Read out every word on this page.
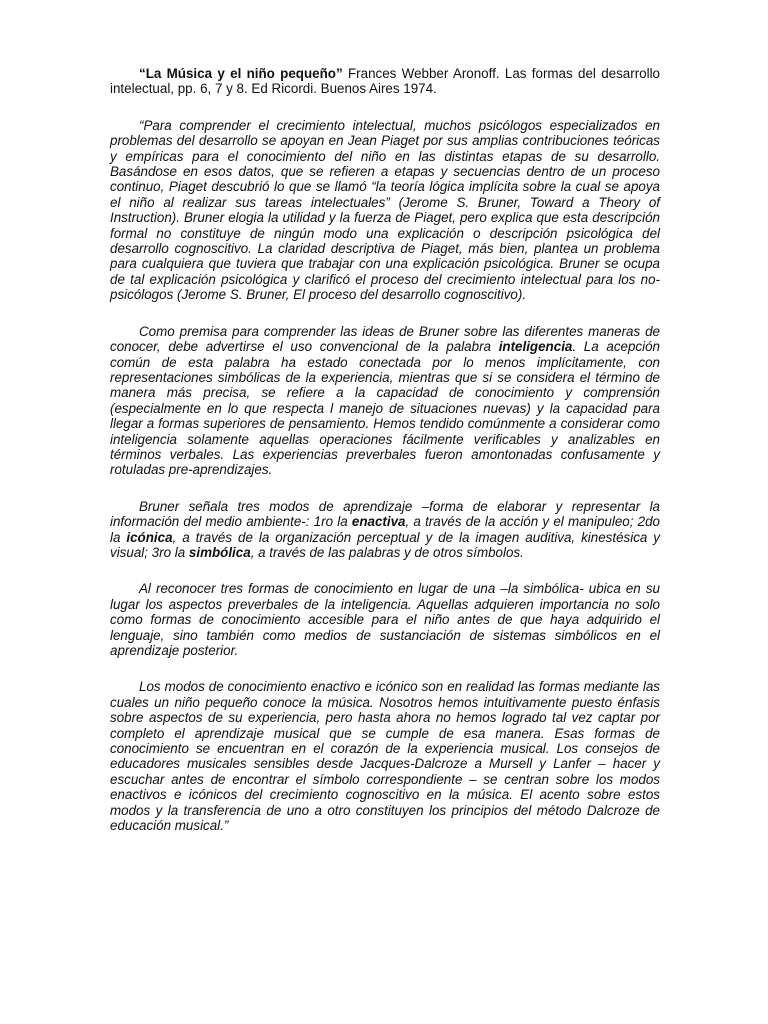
“La Música y el niño pequeño” Frances Webber Aronoff. Las formas del desarrollo intelectual, pp. 6, 7 y 8. Ed Ricordi. Buenos Aires 1974.

“Para comprender el crecimiento intelectual, muchos psicólogos especializados en problemas del desarrollo se apoyan en Jean Piaget por sus amplias contribuciones teóricas y empíricas para el conocimiento del niño en las distintas etapas de su desarrollo. Basándose en esos datos, que se refieren a etapas y secuencias dentro de un proceso continuo, Piaget descubrió lo que se llamó “la teoría lógica implícita sobre la cual se apoya el niño al realizar sus tareas intelectuales” (Jerome S. Bruner, Toward a Theory of Instruction). Bruner elogia la utilidad y la fuerza de Piaget, pero explica que esta descripción formal no constituye de ningún modo una explicación o descripción psicológica del desarrollo cognoscitivo. La claridad descriptiva de Piaget, más bien, plantea un problema para cualquiera que tuviera que trabajar con una explicación psicológica. Bruner se ocupa de tal explicación psicológica y clarificó el proceso del crecimiento intelectual para los no-psicólogos (Jerome S. Bruner, El proceso del desarrollo cognoscitivo).

Como premisa para comprender las ideas de Bruner sobre las diferentes maneras de conocer, debe advertirse el uso convencional de la palabra inteligencia. La acepción común de esta palabra ha estado conectada por lo menos implícitamente, con representaciones simbólicas de la experiencia, mientras que si se considera el término de manera más precisa, se refiere a la capacidad de conocimiento y comprensión (especialmente en lo que respecta l manejo de situaciones nuevas) y la capacidad para llegar a formas superiores de pensamiento. Hemos tendido comúnmente a considerar como inteligencia solamente aquellas operaciones fácilmente verificables y analizables en términos verbales. Las experiencias preverbales fueron amontonadas confusamente y rotuladas pre-aprendizajes.

Bruner señala tres modos de aprendizaje –forma de elaborar y representar la información del medio ambiente-: 1ro la enactiva, a través de la acción y el manipuleo; 2do la icónica, a través de la organización perceptual y de la imagen auditiva, kinestésica y visual; 3ro la simbólica, a través de las palabras y de otros símbolos.

Al reconocer tres formas de conocimiento en lugar de una –la simbólica- ubica en su lugar los aspectos preverbales de la inteligencia. Aquellas adquieren importancia no solo como formas de conocimiento accesible para el niño antes de que haya adquirido el lenguaje, sino también como medios de sustanciación de sistemas simbólicos en el aprendizaje posterior.

Los modos de conocimiento enactivo e icónico son en realidad las formas mediante las cuales un niño pequeño conoce la música. Nosotros hemos intuitivamente puesto énfasis sobre aspectos de su experiencia, pero hasta ahora no hemos logrado tal vez captar por completo el aprendizaje musical que se cumple de esa manera. Esas formas de conocimiento se encuentran en el corazón de la experiencia musical. Los consejos de educadores musicales sensibles desde Jacques-Dalcroze a Mursell y Lanfer – hacer y escuchar antes de encontrar el símbolo correspondiente – se centran sobre los modos enactivos e icónicos del crecimiento cognoscitivo en la música. El acento sobre estos modos y la transferencia de uno a otro constituyen los principios del método Dalcroze de educación musical.”
